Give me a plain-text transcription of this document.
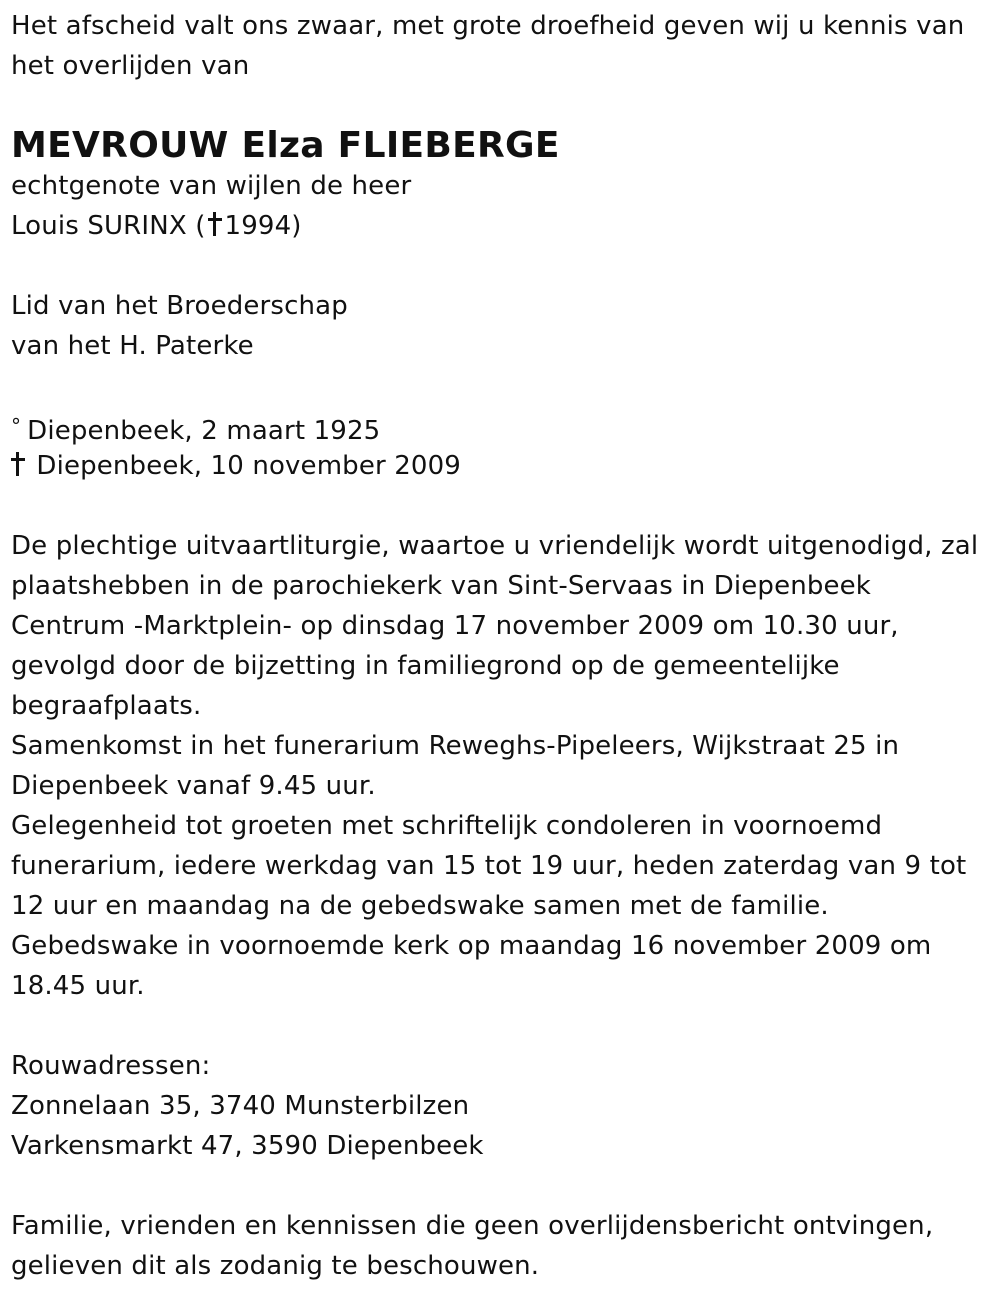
Het afscheid valt ons zwaar, met grote droefheid geven wij u kennis van
het overlijden van
MEVROUW Elza FLIEBERGE
echtgenote van wijlen de heer
Louis SURINX ( 1994)
Lid van het Broederschap
van het H. Paterke
° Diepenbeek, 2 maart 1925
Diepenbeek, 10 november 2009
De plechtige uitvaartliturgie, waartoe u vriendelijk wordt uitgenodigd, zal
plaatshebben in de parochiekerk van Sint-Servaas in Diepenbeek
Centrum -Marktplein- op dinsdag 17 november 2009 om 10.30 uur,
gevolgd door de bijzetting in familiegrond op de gemeentelijke
begraafplaats.
Samenkomst in het funerarium Reweghs-Pipeleers, Wijkstraat 25 in
Diepenbeek vanaf 9.45 uur.
Gelegenheid tot groeten met schriftelijk condoleren in voornoemd
funerarium, iedere werkdag van 15 tot 19 uur, heden zaterdag van 9 tot
12 uur en maandag na de gebedswake samen met de familie.
Gebedswake in voornoemde kerk op maandag 16 november 2009 om
18.45 uur.
Rouwadressen:
Zonnelaan 35, 3740 Munsterbilzen
Varkensmarkt 47, 3590 Diepenbeek
Familie, vrienden en kennissen die geen overlijdensbericht ontvingen,
gelieven dit als zodanig te beschouwen.
